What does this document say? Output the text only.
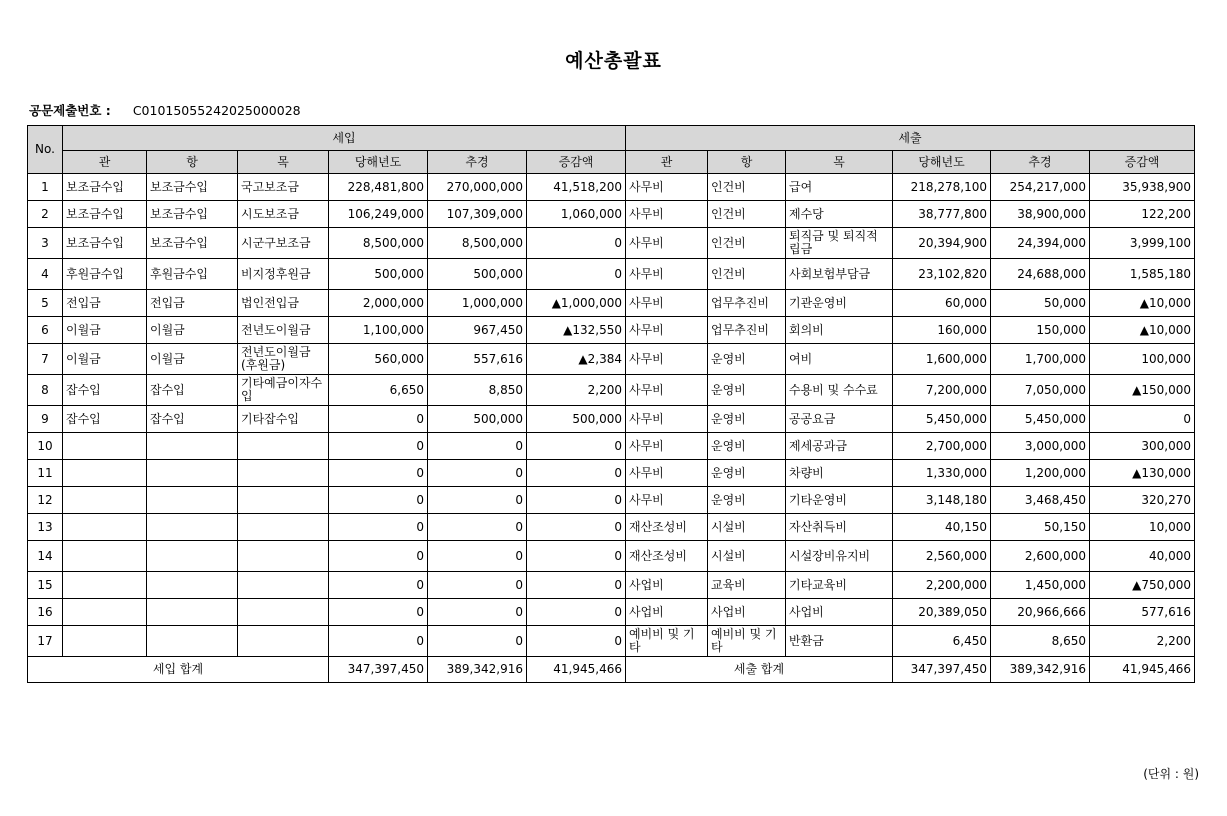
예산총괄표
공문제출번호 : C01015055242025000028
No.	세입						세출					
	관	항	목	당해년도	추경	증감액	관	항	목	당해년도	추경	증감액
1	보조금수입	보조금수입	국고보조금	228,481,800	270,000,000	41,518,200	사무비	인건비	급여	218,278,100	254,217,000	35,938,900
2	보조금수입	보조금수입	시도보조금	106,249,000	107,309,000	1,060,000	사무비	인건비	제수당	38,777,800	38,900,000	122,200
3	보조금수입	보조금수입	시군구보조금	8,500,000	8,500,000	0	사무비	인건비	퇴직금 및 퇴직적립금	20,394,900	24,394,000	3,999,100
4	후원금수입	후원금수입	비지정후원금	500,000	500,000	0	사무비	인건비	사회보험부담금	23,102,820	24,688,000	1,585,180
5	전입금	전입금	법인전입금	2,000,000	1,000,000	▲1,000,000	사무비	업무추진비	기관운영비	60,000	50,000	▲10,000
6	이월금	이월금	전년도이월금	1,100,000	967,450	▲132,550	사무비	업무추진비	회의비	160,000	150,000	▲10,000
7	이월금	이월금	전년도이월금(후원금)	560,000	557,616	▲2,384	사무비	운영비	여비	1,600,000	1,700,000	100,000
8	잡수입	잡수입	기타예금이자수입	6,650	8,850	2,200	사무비	운영비	수용비 및 수수료	7,200,000	7,050,000	▲150,000
9	잡수입	잡수입	기타잡수입	0	500,000	500,000	사무비	운영비	공공요금	5,450,000	5,450,000	0
10				0	0	0	사무비	운영비	제세공과금	2,700,000	3,000,000	300,000
11				0	0	0	사무비	운영비	차량비	1,330,000	1,200,000	▲130,000
12				0	0	0	사무비	운영비	기타운영비	3,148,180	3,468,450	320,270
13				0	0	0	재산조성비	시설비	자산취득비	40,150	50,150	10,000
14				0	0	0	재산조성비	시설비	시설장비유지비	2,560,000	2,600,000	40,000
15				0	0	0	사업비	교육비	기타교육비	2,200,000	1,450,000	▲750,000
16				0	0	0	사업비	사업비	사업비	20,389,050	20,966,666	577,616
17				0	0	0	예비비 및 기타	예비비 및 기타	반환금	6,450	8,650	2,200
세입 합계				347,397,450	389,342,916	41,945,466	세출 합계			347,397,450	389,342,916	41,945,466
(단위 : 원)
